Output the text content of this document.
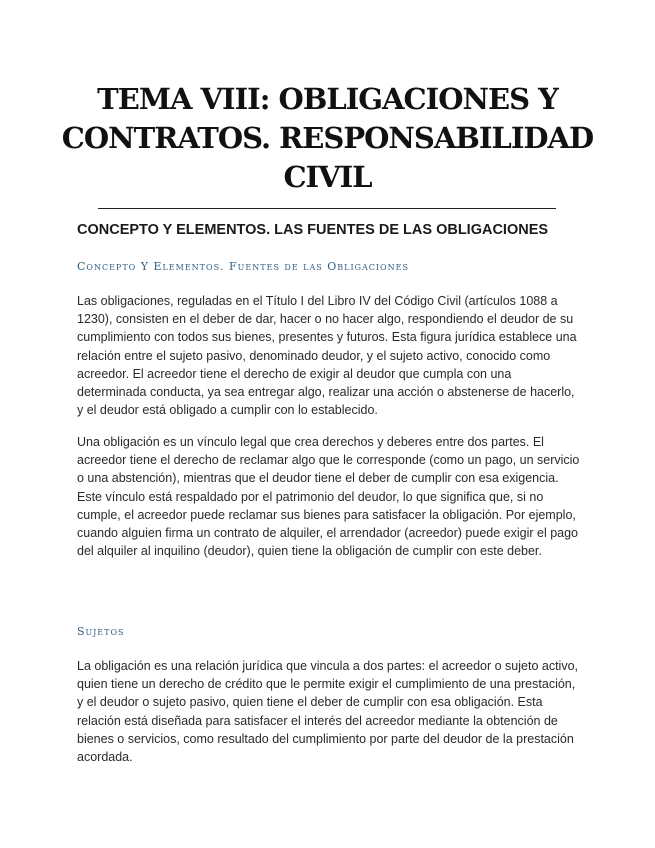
TEMA VIII: OBLIGACIONES Y CONTRATOS. RESPONSABILIDAD CIVIL
CONCEPTO Y ELEMENTOS. LAS FUENTES DE LAS OBLIGACIONES
Concepto Y Elementos. Fuentes de las Obligaciones

Las obligaciones, reguladas en el Título I del Libro IV del Código Civil (artículos 1088 a 1230), consisten en el deber de dar, hacer o no hacer algo, respondiendo el deudor de su cumplimiento con todos sus bienes, presentes y futuros. Esta figura jurídica establece una relación entre el sujeto pasivo, denominado deudor, y el sujeto activo, conocido como acreedor. El acreedor tiene el derecho de exigir al deudor que cumpla con una determinada conducta, ya sea entregar algo, realizar una acción o abstenerse de hacerlo, y el deudor está obligado a cumplir con lo establecido.

Una obligación es un vínculo legal que crea derechos y deberes entre dos partes. El acreedor tiene el derecho de reclamar algo que le corresponde (como un pago, un servicio o una abstención), mientras que el deudor tiene el deber de cumplir con esa exigencia. Este vínculo está respaldado por el patrimonio del deudor, lo que significa que, si no cumple, el acreedor puede reclamar sus bienes para satisfacer la obligación. Por ejemplo, cuando alguien firma un contrato de alquiler, el arrendador (acreedor) puede exigir el pago del alquiler al inquilino (deudor), quien tiene la obligación de cumplir con este deber.

Sujetos

La obligación es una relación jurídica que vincula a dos partes: el acreedor o sujeto activo, quien tiene un derecho de crédito que le permite exigir el cumplimiento de una prestación, y el deudor o sujeto pasivo, quien tiene el deber de cumplir con esa obligación. Esta relación está diseñada para satisfacer el interés del acreedor mediante la obtención de bienes o servicios, como resultado del cumplimiento por parte del deudor de la prestación acordada.
